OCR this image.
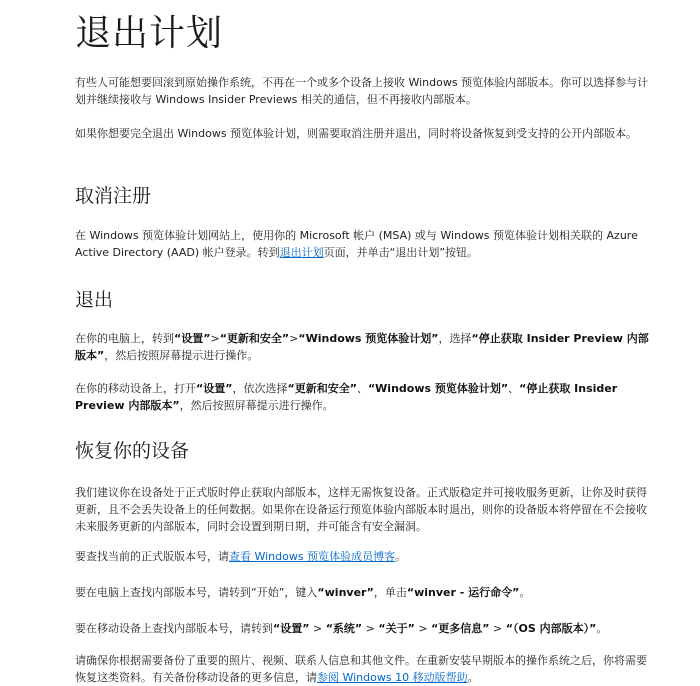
退出计划

有些人可能想要回滚到原始操作系统，不再在一个或多个设备上接收 Windows 预览体验内部版本。你可以选择参与计划并继续接收与 Windows Insider Previews 相关的通信，但不再接收内部版本。

如果你想要完全退出 Windows 预览体验计划，则需要取消注册并退出，同时将设备恢复到受支持的公开内部版本。

取消注册

在 Windows 预览体验计划网站上，使用你的 Microsoft 帐户 (MSA) 或与 Windows 预览体验计划相关联的 Azure Active Directory (AAD) 帐户登录。转到退出计划页面，并单击“退出计划”按钮。

退出

在你的电脑上，转到“设置”>“更新和安全”>“Windows 预览体验计划”，选择“停止获取 Insider Preview 内部版本”，然后按照屏幕提示进行操作。

在你的移动设备上，打开“设置”，依次选择“更新和安全”、“Windows 预览体验计划”、“停止获取 Insider Preview 内部版本”，然后按照屏幕提示进行操作。

恢复你的设备

我们建议你在设备处于正式版时停止获取内部版本，这样无需恢复设备。正式版稳定并可接收服务更新，让你及时获得更新，且不会丢失设备上的任何数据。如果你在设备运行预览体验内部版本时退出，则你的设备版本将停留在不会接收未来服务更新的内部版本，同时会设置到期日期，并可能含有安全漏洞。

要查找当前的正式版版本号，请查看 Windows 预览体验成员博客。

要在电脑上查找内部版本号，请转到“开始”，键入“winver”，单击“winver - 运行命令”。

要在移动设备上查找内部版本号，请转到“设置” > “系统” > “关于” > “更多信息” > “（OS 内部版本）”。

请确保你根据需要备份了重要的照片、视频、联系人信息和其他文件。在重新安装早期版本的操作系统之后，你将需要恢复这类资料。有关备份移动设备的更多信息，请参阅 Windows 10 移动版帮助。
